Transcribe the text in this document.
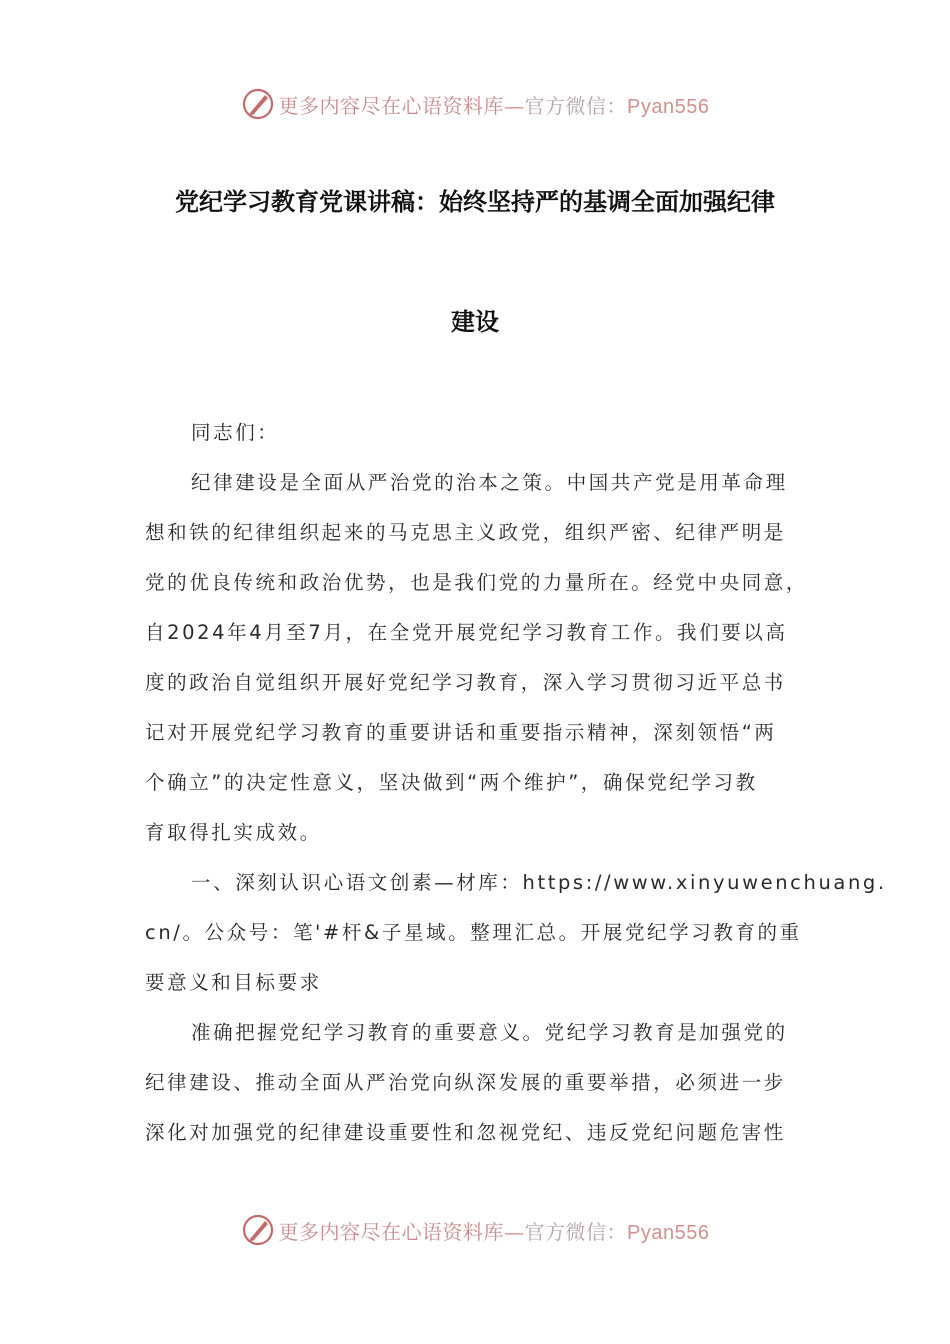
更多内容尽在心语资料库—官方微信：Pyan556
党纪学习教育党课讲稿：始终坚持严的基调全面加强纪律
建设
同志们：
纪律建设是全面从严治党的治本之策。中国共产党是用革命理
想和铁的纪律组织起来的马克思主义政党，组织严密、纪律严明是
党的优良传统和政治优势，也是我们党的力量所在。经党中央同意，
自2024年4月至7月，在全党开展党纪学习教育工作。我们要以高
度的政治自觉组织开展好党纪学习教育，深入学习贯彻习近平总书
记对开展党纪学习教育的重要讲话和重要指示精神，深刻领悟“两
个确立”的决定性意义，坚决做到“两个维护”，确保党纪学习教
育取得扎实成效。
一、深刻认识心语文创素—材库：https://www.xinyuwenchuang.
cn/。公众号：笔'#杆&子星域。整理汇总。开展党纪学习教育的重
要意义和目标要求
准确把握党纪学习教育的重要意义。党纪学习教育是加强党的
纪律建设、推动全面从严治党向纵深发展的重要举措，必须进一步
深化对加强党的纪律建设重要性和忽视党纪、违反党纪问题危害性
更多内容尽在心语资料库—官方微信：Pyan556
